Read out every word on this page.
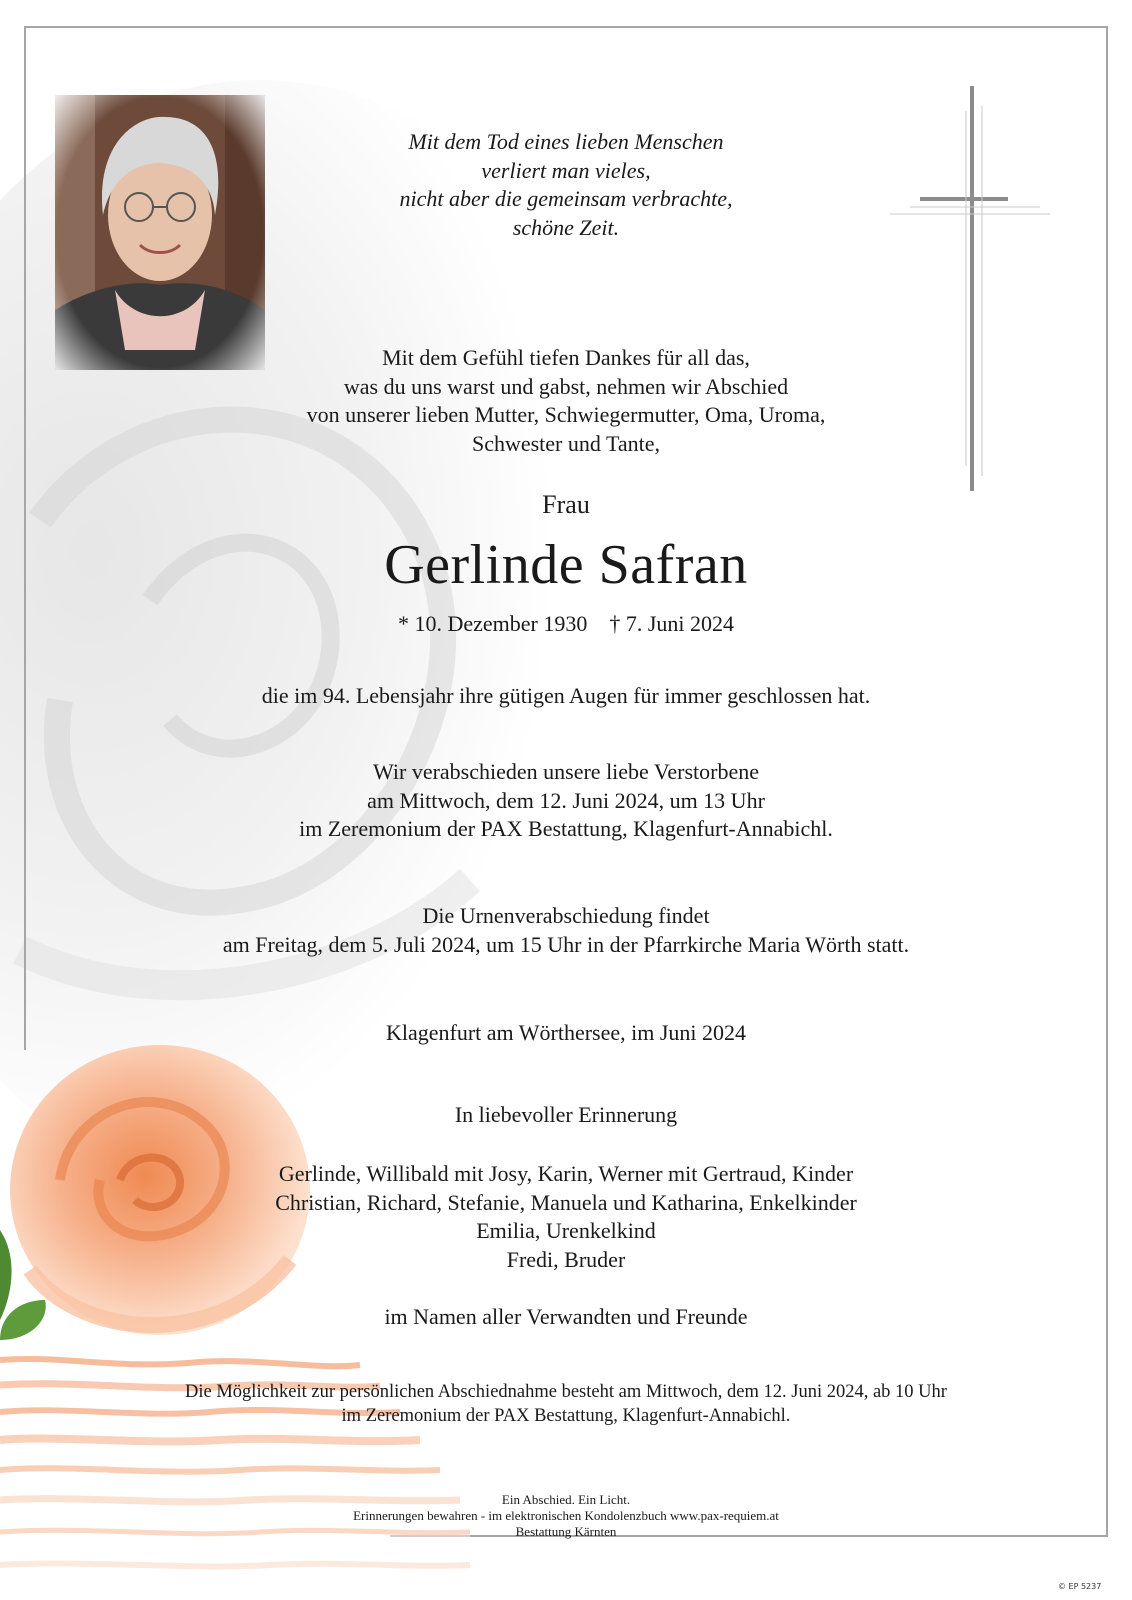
Mit dem Tod eines lieben Menschen
verliert man vieles,
nicht aber die gemeinsam verbrachte,
schöne Zeit.
Mit dem Gefühl tiefen Dankes für all das,
was du uns warst und gabst, nehmen wir Abschied
von unserer lieben Mutter, Schwiegermutter, Oma, Uroma,
Schwester und Tante,
Frau
Gerlinde Safran
* 10. Dezember 1930 † 7. Juni 2024
die im 94. Lebensjahr ihre gütigen Augen für immer geschlossen hat.
Wir verabschieden unsere liebe Verstorbene
am Mittwoch, dem 12. Juni 2024, um 13 Uhr
im Zeremonium der PAX Bestattung, Klagenfurt-Annabichl.
Die Urnenverabschiedung findet
am Freitag, dem 5. Juli 2024, um 15 Uhr in der Pfarrkirche Maria Wörth statt.
Klagenfurt am Wörthersee, im Juni 2024
In liebevoller Erinnerung
Gerlinde, Willibald mit Josy, Karin, Werner mit Gertraud, Kinder
Christian, Richard, Stefanie, Manuela und Katharina, Enkelkinder
Emilia, Urenkelkind
Fredi, Bruder
im Namen aller Verwandten und Freunde
Die Möglichkeit zur persönlichen Abschiednahme besteht am Mittwoch, dem 12. Juni 2024, ab 10 Uhr
im Zeremonium der PAX Bestattung, Klagenfurt-Annabichl.
Ein Abschied. Ein Licht.
Erinnerungen bewahren - im elektronischen Kondolenzbuch www.pax-requiem.at
Bestattung Kärnten
© EP 5237
